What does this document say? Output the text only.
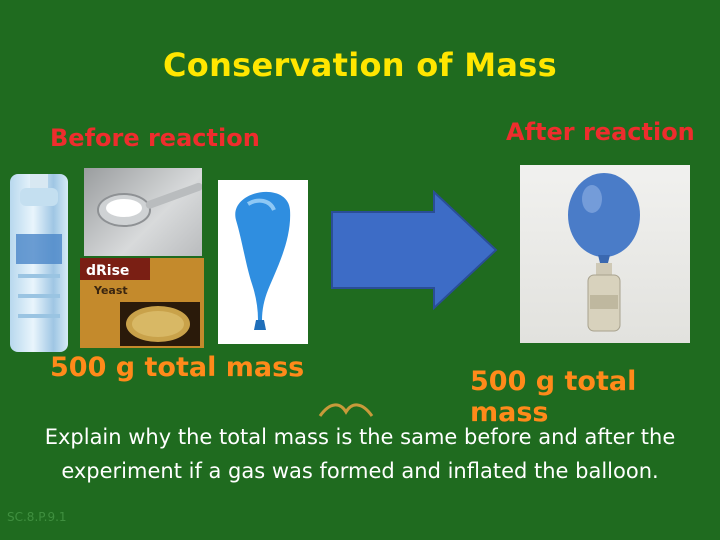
Conservation of Mass
Before reaction	After reaction
dRise
Yeast
500 g total mass	500 g total mass
Explain why the total mass is the same before and after the experiment if a gas was formed and inflated the balloon.
SC.8.P.9.1
